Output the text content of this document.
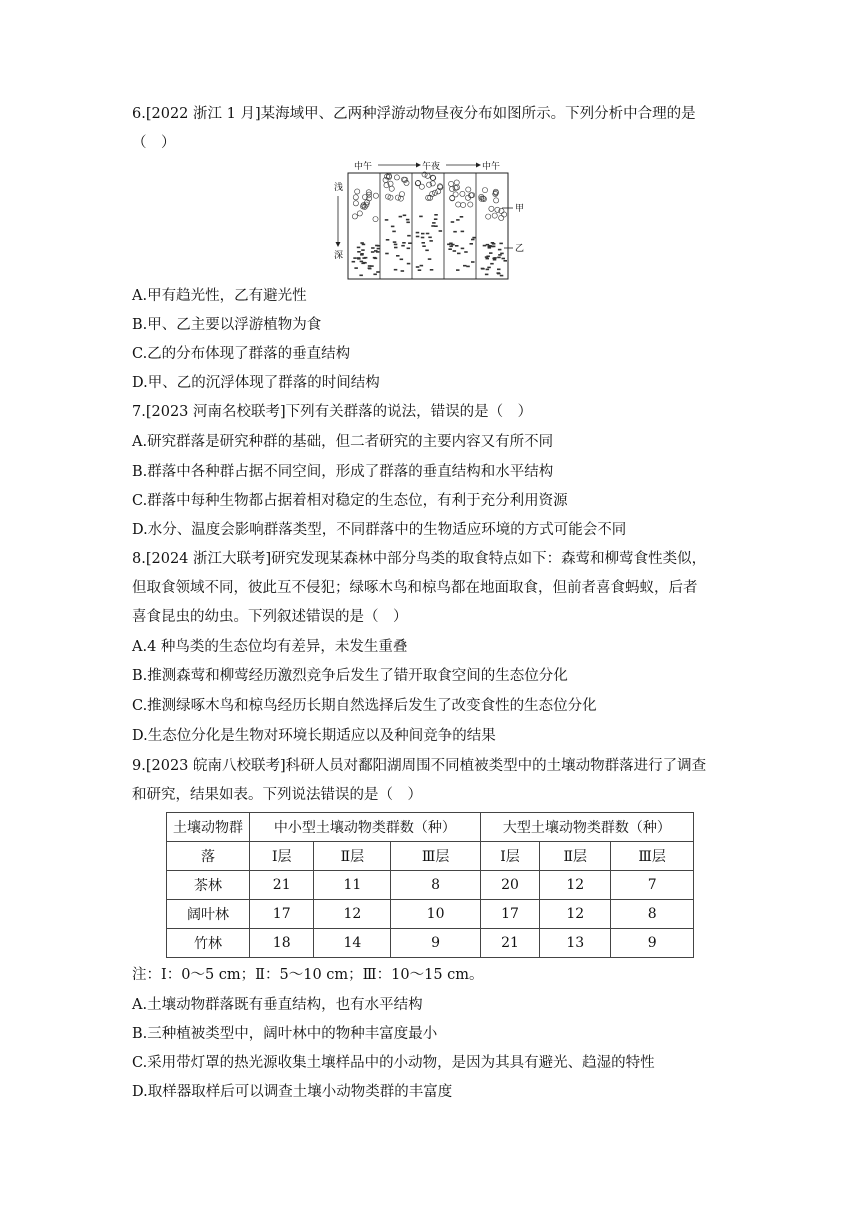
6.[2022 浙江 1 月]某海域甲、乙两种浮游动物昼夜分布如图所示。下列分析中合理的是
（　）
中午	午夜	中午
浅
深
甲
乙
A.甲有趋光性，乙有避光性
B.甲、乙主要以浮游植物为食
C.乙的分布体现了群落的垂直结构
D.甲、乙的沉浮体现了群落的时间结构
7.[2023 河南名校联考]下列有关群落的说法，错误的是（　）
A.研究群落是研究种群的基础，但二者研究的主要内容又有所不同
B.群落中各种群占据不同空间，形成了群落的垂直结构和水平结构
C.群落中每种生物都占据着相对稳定的生态位，有利于充分利用资源
D.水分、温度会影响群落类型，不同群落中的生物适应环境的方式可能会不同
8.[2024 浙江大联考]研究发现某森林中部分鸟类的取食特点如下：森莺和柳莺食性类似，
但取食领域不同，彼此互不侵犯；绿啄木鸟和椋鸟都在地面取食，但前者喜食蚂蚁，后者
喜食昆虫的幼虫。下列叙述错误的是（　）
A.4 种鸟类的生态位均有差异，未发生重叠
B.推测森莺和柳莺经历激烈竞争后发生了错开取食空间的生态位分化
C.推测绿啄木鸟和椋鸟经历长期自然选择后发生了改变食性的生态位分化
D.生态位分化是生物对环境长期适应以及种间竞争的结果
9.[2023 皖南八校联考]科研人员对鄱阳湖周围不同植被类型中的土壤动物群落进行了调查
和研究，结果如表。下列说法错误的是（　）
土壤动物群	中小型土壤动物类群数（种）			大型土壤动物类群数（种）		
落	Ⅰ层	Ⅱ层	Ⅲ层	Ⅰ层	Ⅱ层	Ⅲ层
茶林	21	11	8	20	12	7
阔叶林	17	12	10	17	12	8
竹林	18	14	9	21	13	9
注：Ⅰ：0～5 cm；Ⅱ：5～10 cm；Ⅲ：10～15 cm。
A.土壤动物群落既有垂直结构，也有水平结构
B.三种植被类型中，阔叶林中的物种丰富度最小
C.采用带灯罩的热光源收集土壤样品中的小动物，是因为其具有避光、趋湿的特性
D.取样器取样后可以调查土壤小动物类群的丰富度
